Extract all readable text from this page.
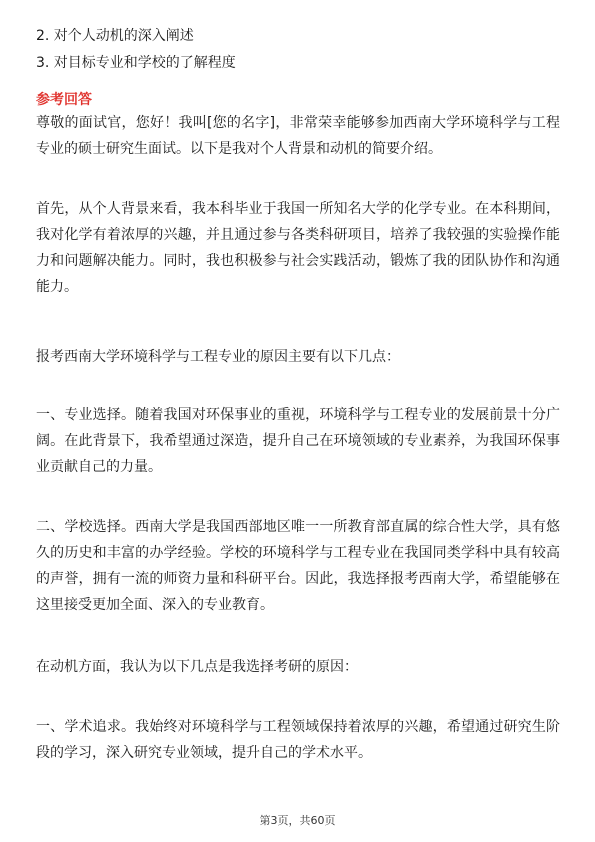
2. 对个人动机的深入阐述
3. 对目标专业和学校的了解程度
参考回答

尊敬的面试官，您好！我叫[您的名字]，非常荣幸能够参加西南大学环境科学与工程专业的硕士研究生面试。以下是我对个人背景和动机的简要介绍。

首先，从个人背景来看，我本科毕业于我国一所知名大学的化学专业。在本科期间，我对化学有着浓厚的兴趣，并且通过参与各类科研项目，培养了我较强的实验操作能力和问题解决能力。同时，我也积极参与社会实践活动，锻炼了我的团队协作和沟通能力。

报考西南大学环境科学与工程专业的原因主要有以下几点：

一、专业选择。随着我国对环保事业的重视，环境科学与工程专业的发展前景十分广阔。在此背景下，我希望通过深造，提升自己在环境领域的专业素养，为我国环保事业贡献自己的力量。

二、学校选择。西南大学是我国西部地区唯一一所教育部直属的综合性大学，具有悠久的历史和丰富的办学经验。学校的环境科学与工程专业在我国同类学科中具有较高的声誉，拥有一流的师资力量和科研平台。因此，我选择报考西南大学，希望能够在这里接受更加全面、深入的专业教育。

在动机方面，我认为以下几点是我选择考研的原因：

一、学术追求。我始终对环境科学与工程领域保持着浓厚的兴趣，希望通过研究生阶段的学习，深入研究专业领域，提升自己的学术水平。

第3页，共60页
